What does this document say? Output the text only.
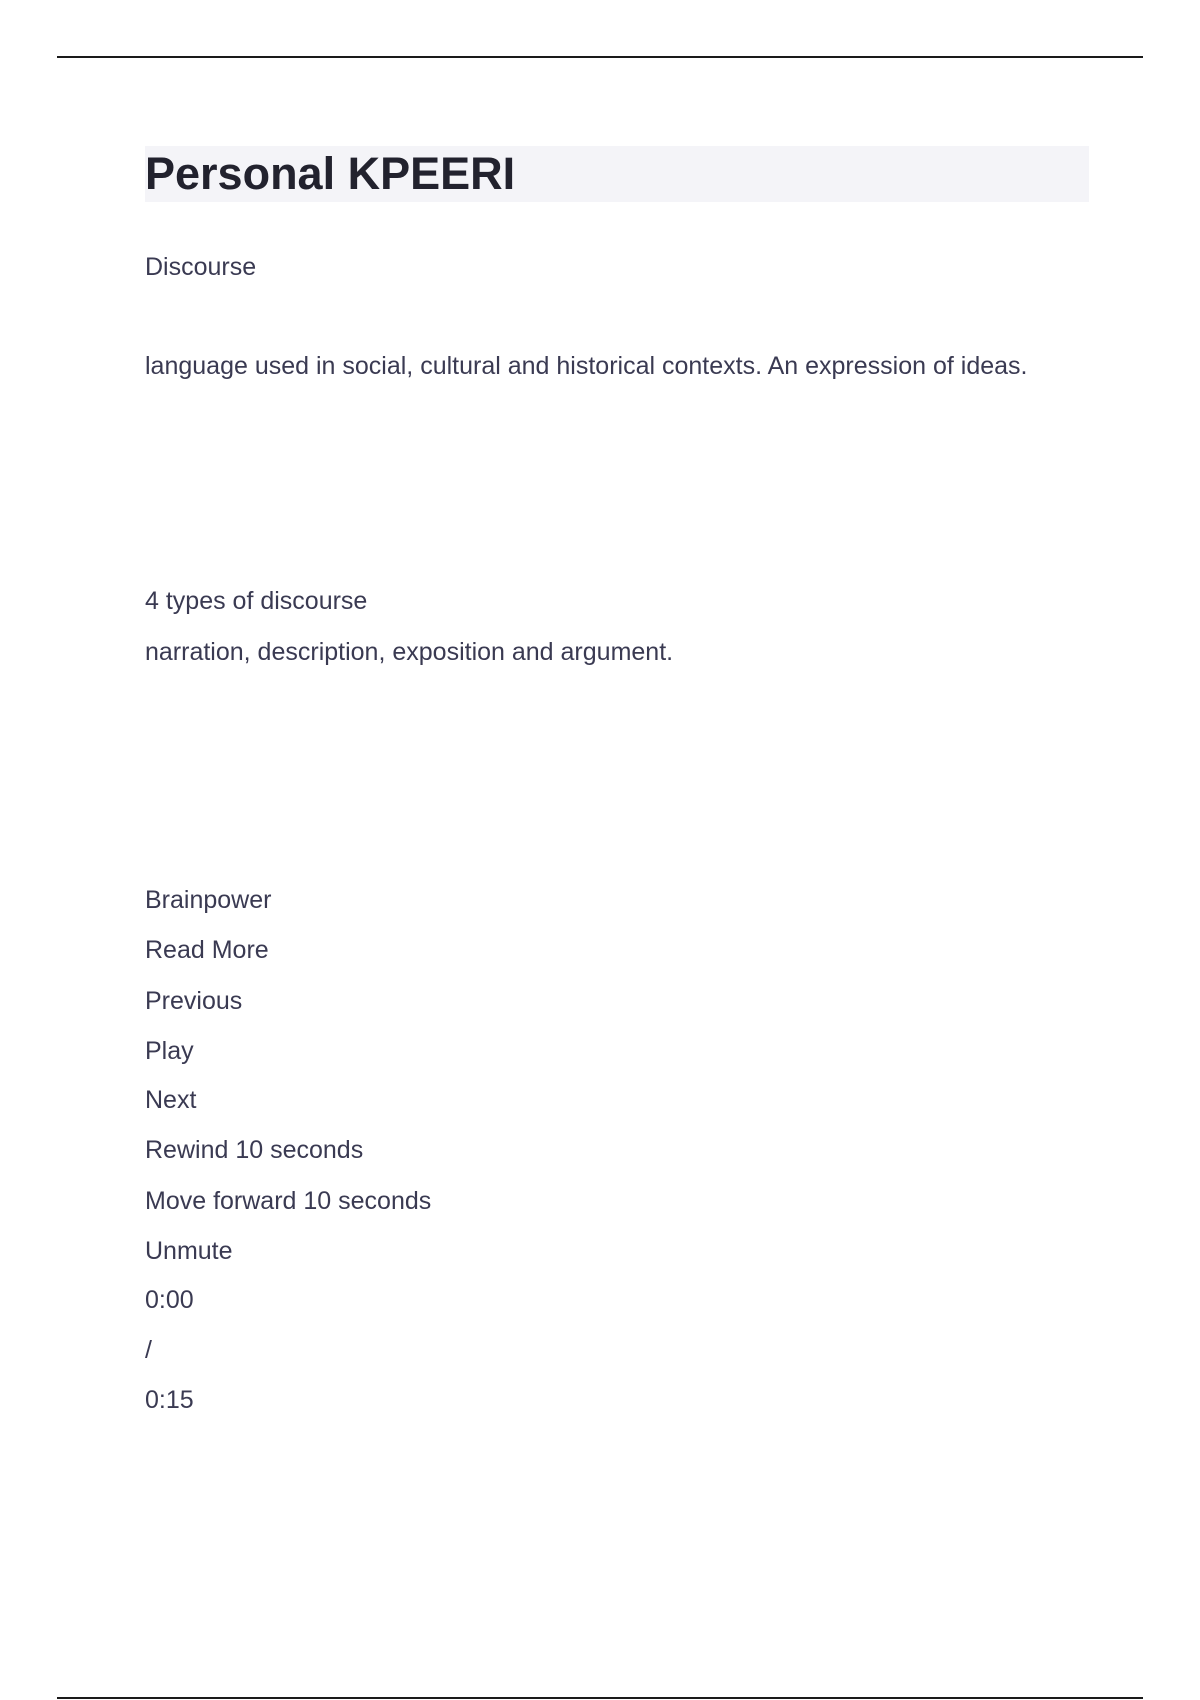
Personal KPEERI

Discourse

language used in social, cultural and historical contexts. An expression of ideas.

4 types of discourse

narration, description, exposition and argument.

Brainpower

Read More

Previous

Play

Next

Rewind 10 seconds

Move forward 10 seconds

Unmute

0:00

/

0:15
